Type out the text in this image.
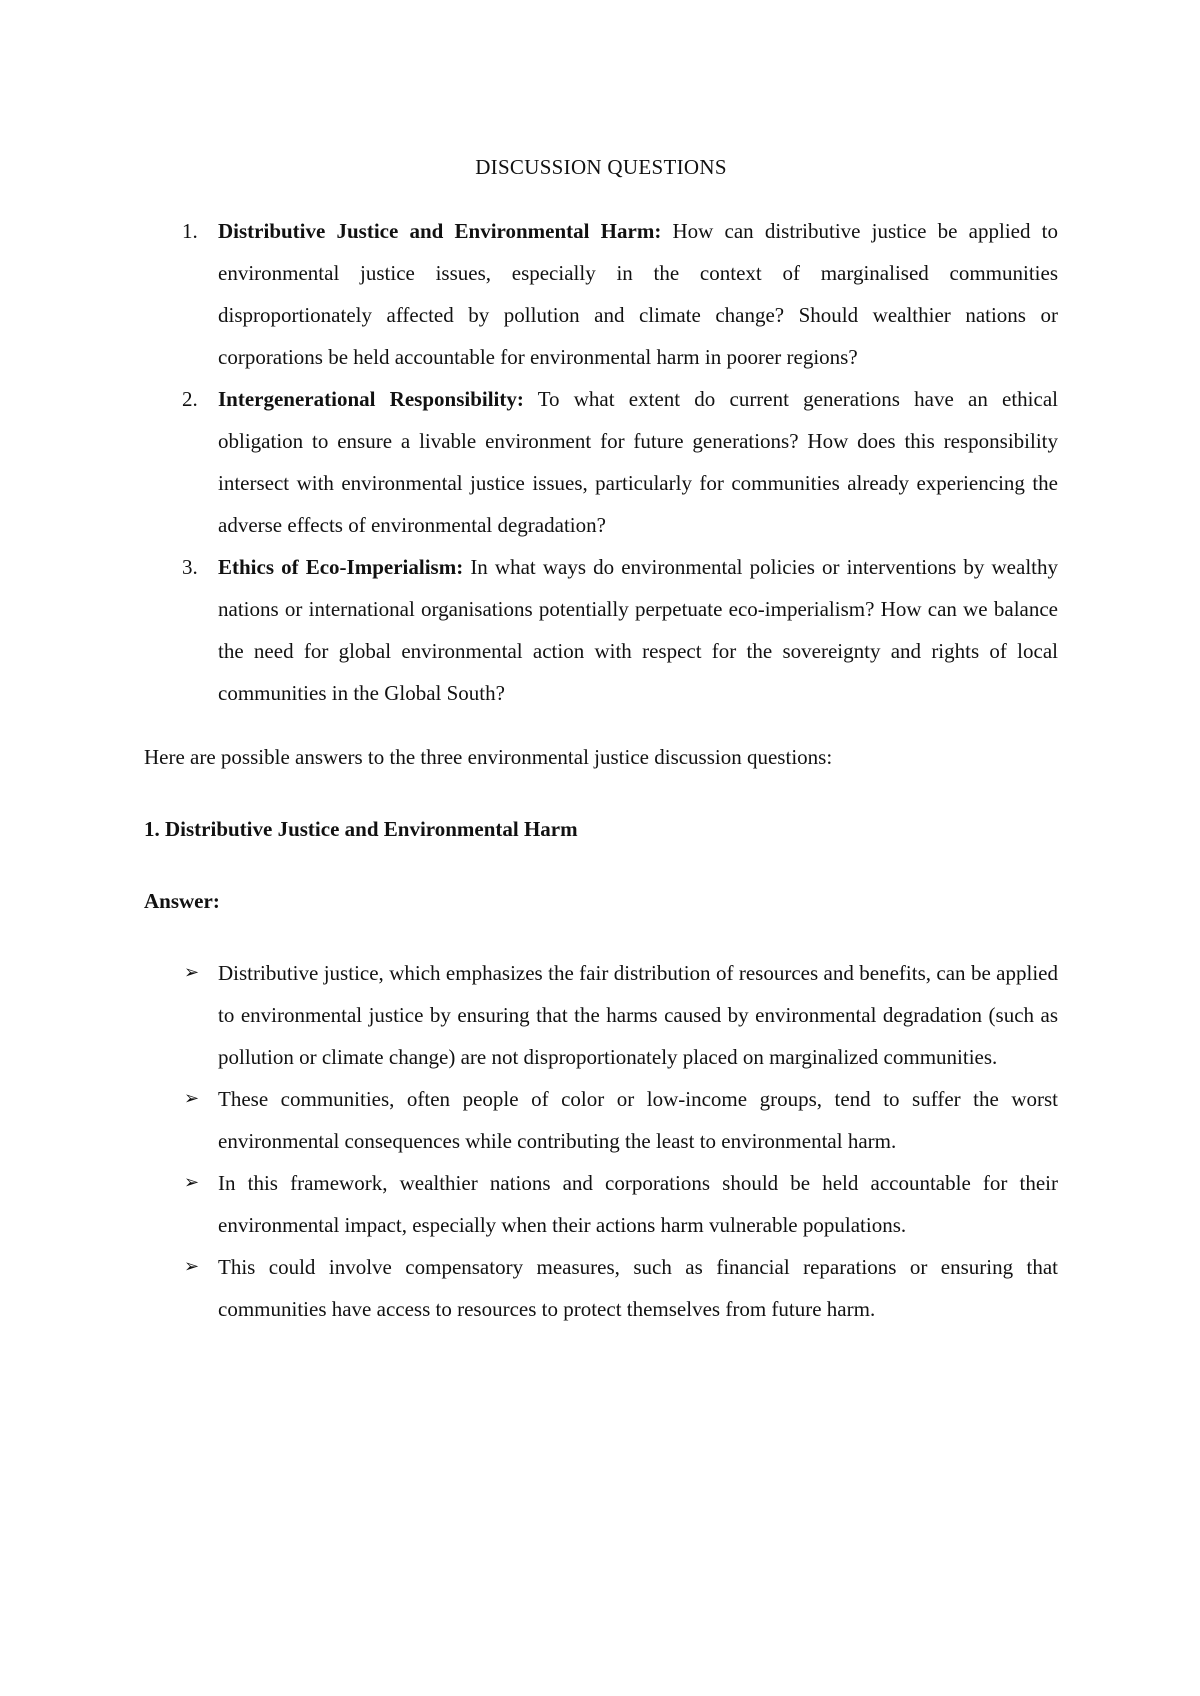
DISCUSSION QUESTIONS
1. Distributive Justice and Environmental Harm: How can distributive justice be applied to environmental justice issues, especially in the context of marginalised communities disproportionately affected by pollution and climate change? Should wealthier nations or corporations be held accountable for environmental harm in poorer regions?
2. Intergenerational Responsibility: To what extent do current generations have an ethical obligation to ensure a livable environment for future generations? How does this responsibility intersect with environmental justice issues, particularly for communities already experiencing the adverse effects of environmental degradation?
3. Ethics of Eco-Imperialism: In what ways do environmental policies or interventions by wealthy nations or international organisations potentially perpetuate eco-imperialism? How can we balance the need for global environmental action with respect for the sovereignty and rights of local communities in the Global South?

Here are possible answers to the three environmental justice discussion questions:

1. Distributive Justice and Environmental Harm

Answer:

➢ Distributive justice, which emphasizes the fair distribution of resources and benefits, can be applied to environmental justice by ensuring that the harms caused by environmental degradation (such as pollution or climate change) are not disproportionately placed on marginalized communities.
➢ These communities, often people of color or low-income groups, tend to suffer the worst environmental consequences while contributing the least to environmental harm.
➢ In this framework, wealthier nations and corporations should be held accountable for their environmental impact, especially when their actions harm vulnerable populations.
➢ This could involve compensatory measures, such as financial reparations or ensuring that communities have access to resources to protect themselves from future harm.
